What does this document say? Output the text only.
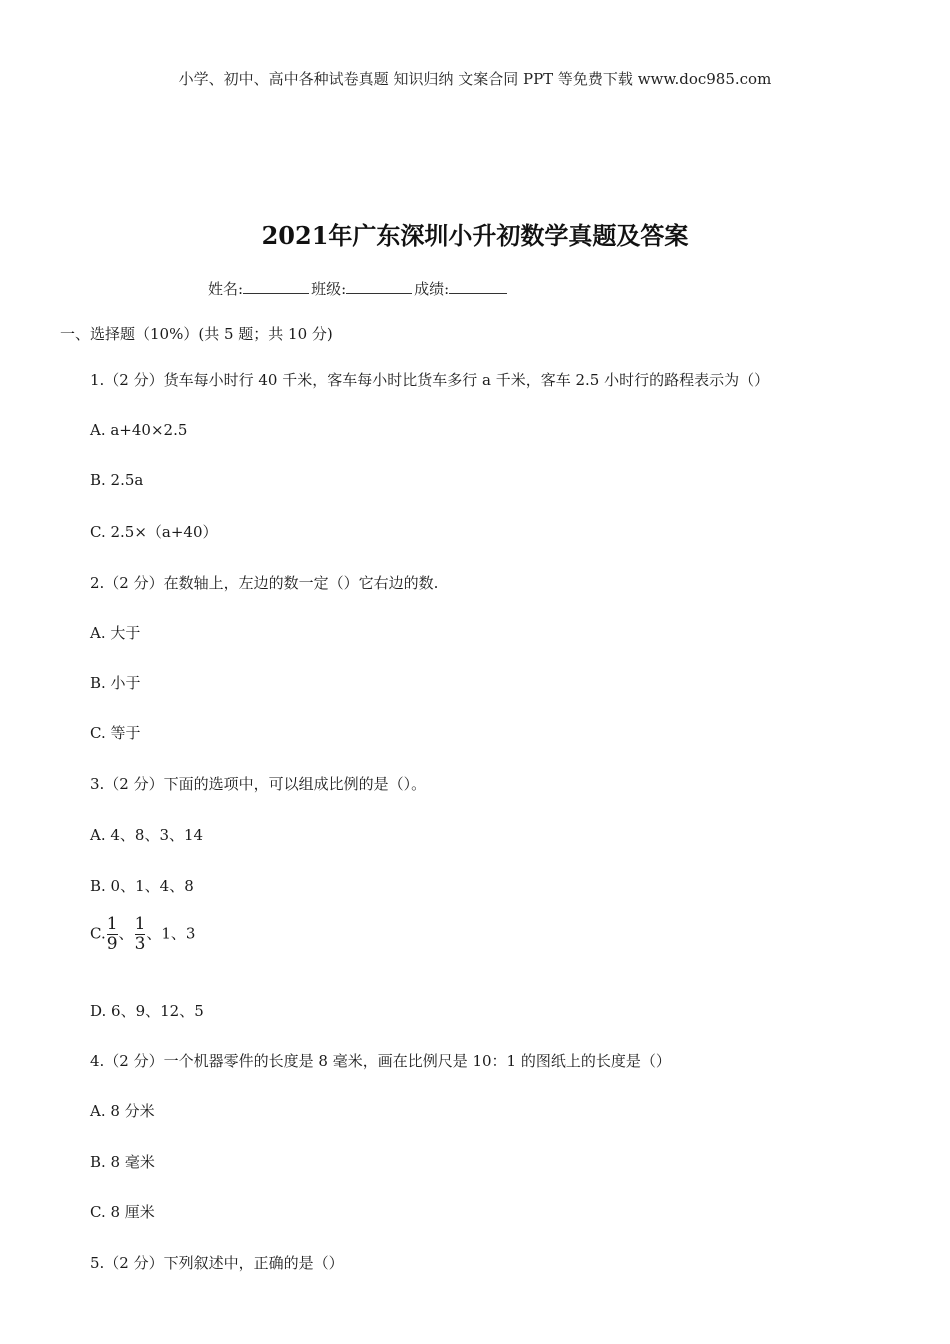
小学、初中、高中各种试卷真题 知识归纳 文案合同 PPT 等免费下载 www.doc985.com
2021年广东深圳小升初数学真题及答案
姓名:	班级:	成绩:
一、选择题（10%）(共 5 题；共 10 分)
1.（2 分）货车每小时行 40 千米，客车每小时比货车多行 a 千米，客车 2.5 小时行的路程表示为（）
A. a+40×2.5
B. 2.5a
C. 2.5×（a+40）
2.（2 分）在数轴上，左边的数一定（）它右边的数.
A. 大于
B. 小于
C. 等于
3.（2 分）下面的选项中，可以组成比例的是（）。
A. 4、8、3、14
B. 0、1、4、8
C. $\frac{1}{9}$ 、 $\frac{1}{3}$ 、1、3
D. 6、9、12、5
4.（2 分）一个机器零件的长度是 8 毫米，画在比例尺是 10：1 的图纸上的长度是（）
A. 8 分米
B. 8 毫米
C. 8 厘米
5.（2 分）下列叙述中，正确的是（）
